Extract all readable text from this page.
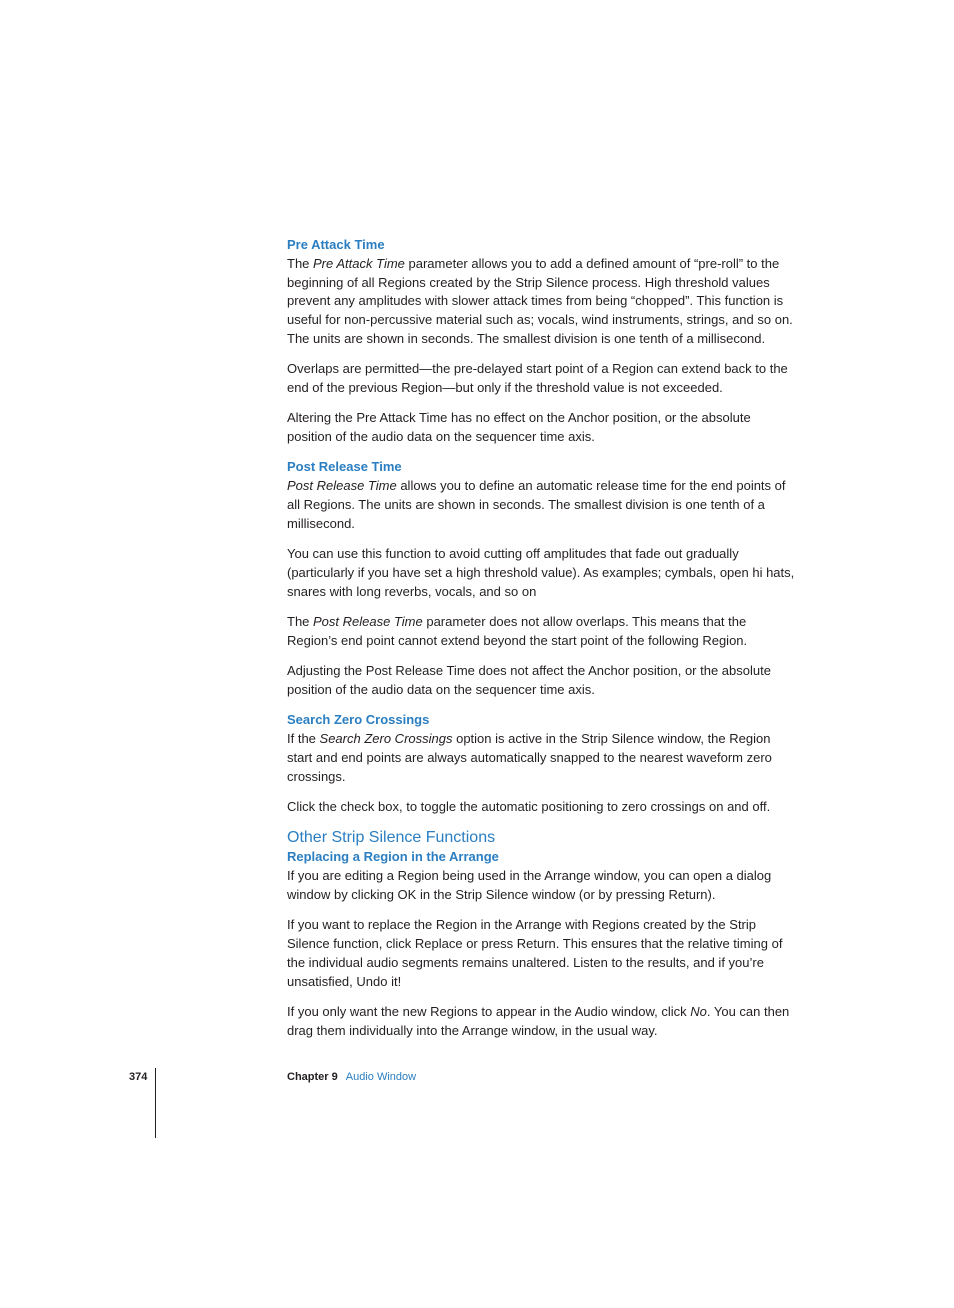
Pre Attack Time

The Pre Attack Time parameter allows you to add a defined amount of “pre-roll” to the beginning of all Regions created by the Strip Silence process. High threshold values prevent any amplitudes with slower attack times from being “chopped”. This function is useful for non-percussive material such as; vocals, wind instruments, strings, and so on. The units are shown in seconds. The smallest division is one tenth of a millisecond.

Overlaps are permitted—the pre-delayed start point of a Region can extend back to the end of the previous Region—but only if the threshold value is not exceeded.

Altering the Pre Attack Time has no effect on the Anchor position, or the absolute position of the audio data on the sequencer time axis.

Post Release Time

Post Release Time allows you to define an automatic release time for the end points of all Regions. The units are shown in seconds. The smallest division is one tenth of a millisecond.

You can use this function to avoid cutting off amplitudes that fade out gradually (particularly if you have set a high threshold value). As examples; cymbals, open hi hats, snares with long reverbs, vocals, and so on

The Post Release Time parameter does not allow overlaps. This means that the Region’s end point cannot extend beyond the start point of the following Region.

Adjusting the Post Release Time does not affect the Anchor position, or the absolute position of the audio data on the sequencer time axis.

Search Zero Crossings

If the Search Zero Crossings option is active in the Strip Silence window, the Region start and end points are always automatically snapped to the nearest waveform zero crossings.

Click the check box, to toggle the automatic positioning to zero crossings on and off.

Other Strip Silence Functions
Replacing a Region in the Arrange

If you are editing a Region being used in the Arrange window, you can open a dialog window by clicking OK in the Strip Silence window (or by pressing Return).

If you want to replace the Region in the Arrange with Regions created by the Strip Silence function, click Replace or press Return. This ensures that the relative timing of the individual audio segments remains unaltered. Listen to the results, and if you’re unsatisfied, Undo it!

If you only want the new Regions to appear in the Audio window, click No. You can then drag them individually into the Arrange window, in the usual way.

374	Chapter 9 Audio Window
